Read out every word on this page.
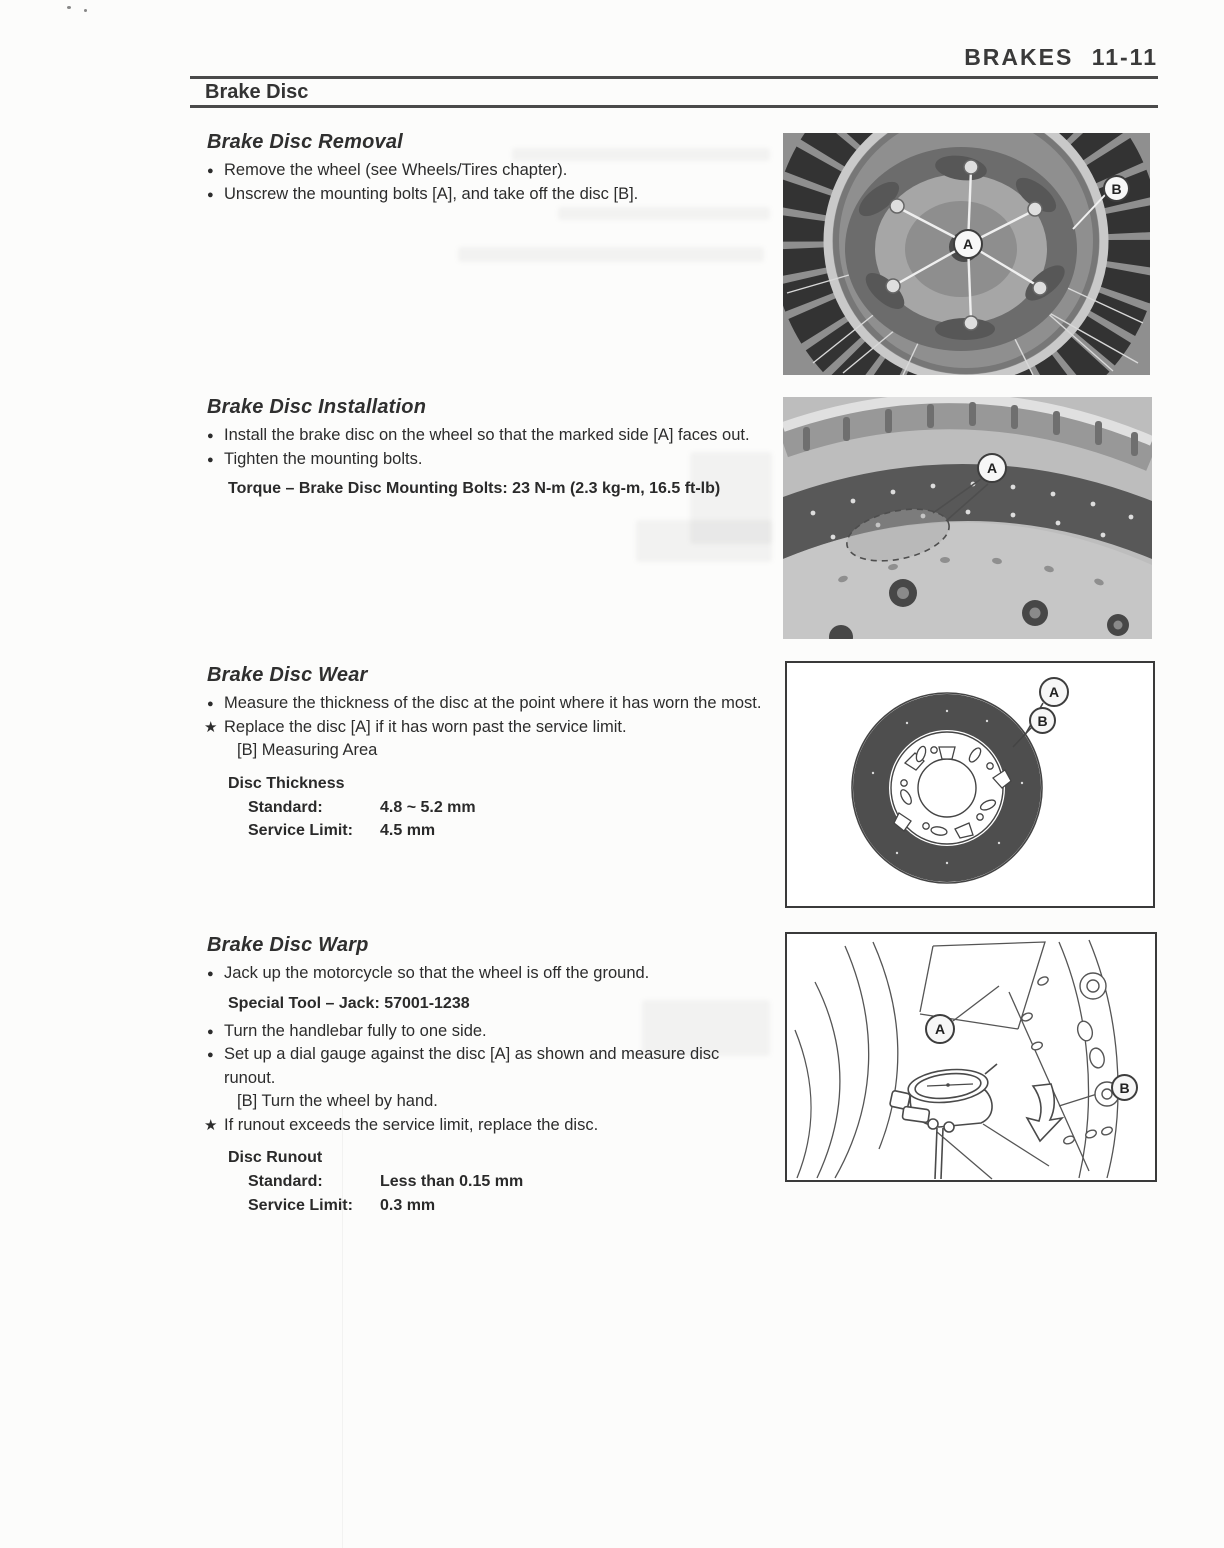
BRAKES 11-11
Brake Disc
Brake Disc Removal

● Remove the wheel (see Wheels/Tires chapter).

● Unscrew the mounting bolts [A], and take off the disc [B].

Brake Disc Installation

● Install the brake disc on the wheel so that the marked side [A] faces out.

● Tighten the mounting bolts.

Torque – Brake Disc Mounting Bolts: 23 N-m (2.3 kg-m, 16.5 ft-lb)

Brake Disc Wear

● Measure the thickness of the disc at the point where it has worn the most.

★ Replace the disc [A] if it has worn past the service limit.

[B] Measuring Area

Disc Thickness
Standard:	4.8 ~ 5.2 mm
Service Limit: 4.5 mm
Brake Disc Warp

● Jack up the motorcycle so that the wheel is off the ground.

Special Tool – Jack: 57001-1238

● Turn the handlebar fully to one side.

● Set up a dial gauge against the disc [A] as shown and measure disc runout.

[B] Turn the wheel by hand.

★ If runout exceeds the service limit, replace the disc.

Disc Runout
Standard:	Less than 0.15 mm
Service Limit: 0.3 mm
A
B
A
A
B
A
B
